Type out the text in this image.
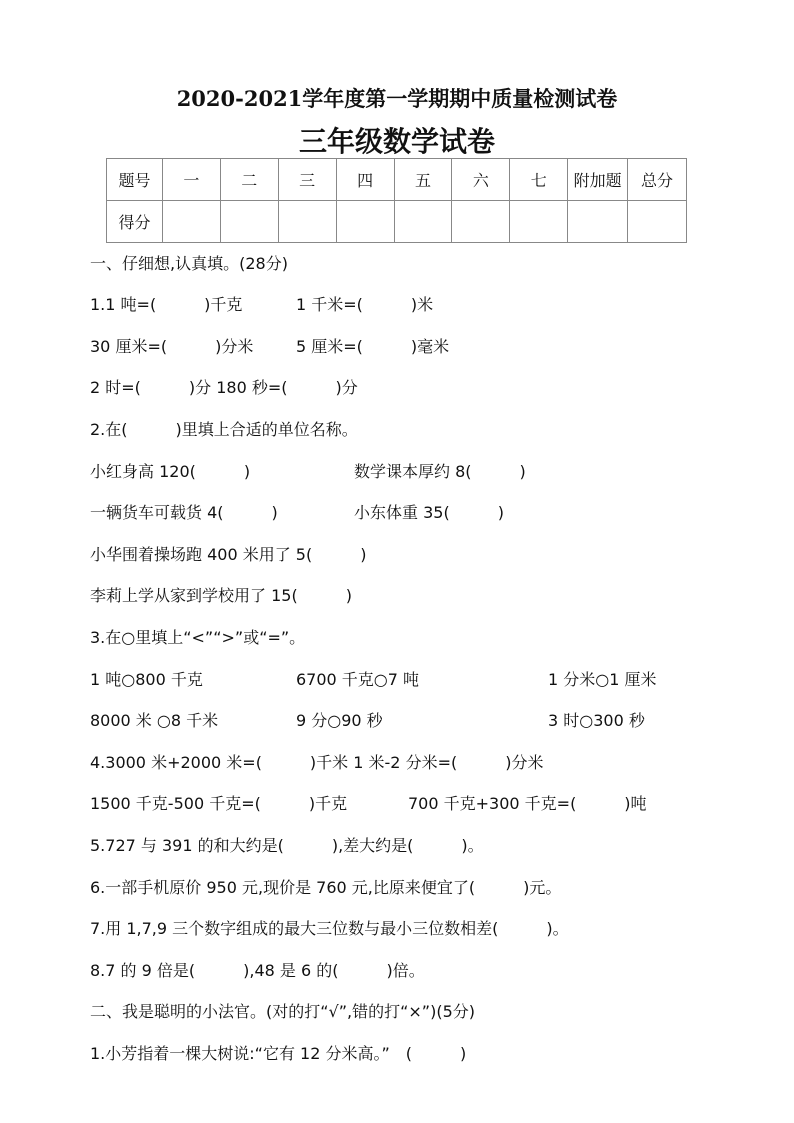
2020-2021学年度第一学期期中质量检测试卷
三年级数学试卷
题号	一	二	三	四	五	六	七	附加题	总分
得分									
一、仔细想,认真填。(28分)
1.1 吨=(　　　)千克	1 千米=(　　　)米
30 厘米=(　　　)分米	5 厘米=(　　　)毫米
2 时=(　　　)分 180 秒=(　　　)分
2.在(　　　)里填上合适的单位名称。
小红身高 120(　　　)	数学课本厚约 8(　　　)
一辆货车可载货 4(　　　)	小东体重 35(　　　)
小华围着操场跑 400 米用了 5(　　　)
李莉上学从家到学校用了 15(　　　)
3.在○里填上“<”“>”或“=”。
1 吨○800 千克	6700 千克○7 吨	1 分米○1 厘米
8000 米 ○8 千米	9 分○90 秒	3 时○300 秒
4.3000 米+2000 米=(　　　)千米 1 米-2 分米=(　　　)分米
1500 千克-500 千克=(　　　)千克	700 千克+300 千克=(　　　)吨
5.727 与 391 的和大约是(　　　),差大约是(　　　)。
6.一部手机原价 950 元,现价是 760 元,比原来便宜了(　　　)元。
7.用 1,7,9 三个数字组成的最大三位数与最小三位数相差(　　　)。
8.7 的 9 倍是(　　　),48 是 6 的(　　　)倍。
二、我是聪明的小法官。(对的打“√”,错的打“×”)(5分)
1.小芳指着一棵大树说:“它有 12 分米高。”　(　　　)
